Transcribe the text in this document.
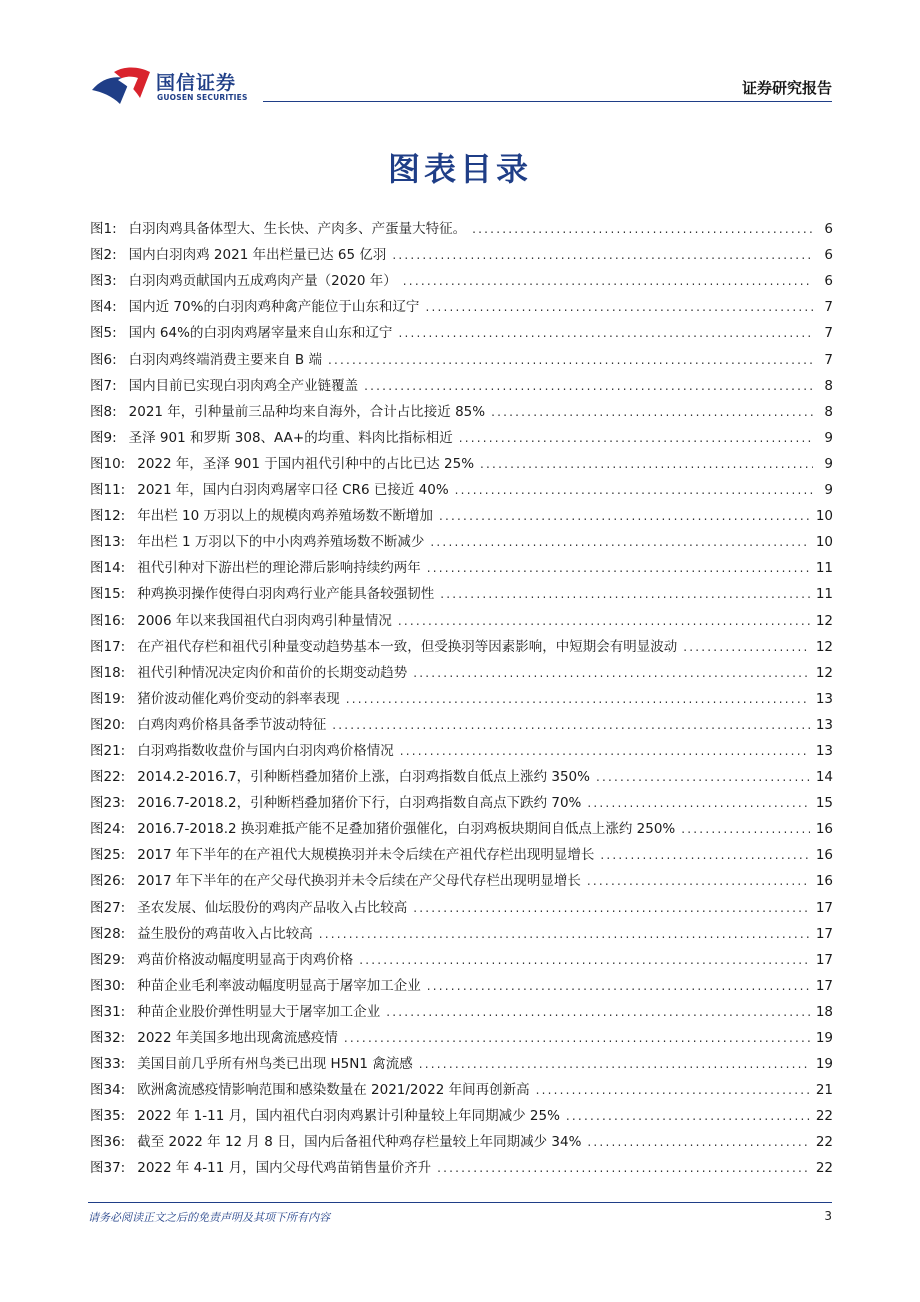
国信证券
GUOSEN SECURITIES
证券研究报告
图表目录
图1: 白羽肉鸡具备体型大、生长快、产肉多、产蛋量大特征。 .....	6
图2: 国内白羽肉鸡 2021 年出栏量已达 65 亿羽 .....	6
图3: 白羽肉鸡贡献国内五成鸡肉产量（2020 年） .....	6
图4: 国内近 70%的白羽肉鸡种禽产能位于山东和辽宁 .....	7
图5: 国内 64%的白羽肉鸡屠宰量来自山东和辽宁 .....	7
图6: 白羽肉鸡终端消费主要来自 B 端 .....	7
图7: 国内目前已实现白羽肉鸡全产业链覆盖 .....	8
图8: 2021 年，引种量前三品种均来自海外，合计占比接近 85% .....	8
图9: 圣泽 901 和罗斯 308、AA+的均重、料肉比指标相近 .....	9
图10: 2022 年，圣泽 901 于国内祖代引种中的占比已达 25% .....	9
图11: 2021 年，国内白羽肉鸡屠宰口径 CR6 已接近 40% .....	9
图12: 年出栏 10 万羽以上的规模肉鸡养殖场数不断增加 .....	10
图13: 年出栏 1 万羽以下的中小肉鸡养殖场数不断减少 .....	10
图14: 祖代引种对下游出栏的理论滞后影响持续约两年 .....	11
图15: 种鸡换羽操作使得白羽肉鸡行业产能具备较强韧性 .....	11
图16: 2006 年以来我国祖代白羽肉鸡引种量情况 .....	12
图17: 在产祖代存栏和祖代引种量变动趋势基本一致，但受换羽等因素影响，中短期会有明显波动 .....	12
图18: 祖代引种情况决定肉价和苗价的长期变动趋势 .....	12
图19: 猪价波动催化鸡价变动的斜率表现 .....	13
图20: 白鸡肉鸡价格具备季节波动特征 .....	13
图21: 白羽鸡指数收盘价与国内白羽肉鸡价格情况 .....	13
图22: 2014.2-2016.7，引种断档叠加猪价上涨，白羽鸡指数自低点上涨约 350% .....	14
图23: 2016.7-2018.2，引种断档叠加猪价下行，白羽鸡指数自高点下跌约 70% .....	15
图24: 2016.7-2018.2 换羽难抵产能不足叠加猪价强催化，白羽鸡板块期间自低点上涨约 250% .....	16
图25: 2017 年下半年的在产祖代大规模换羽并未令后续在产祖代存栏出现明显增长 .....	16
图26: 2017 年下半年的在产父母代换羽并未令后续在产父母代存栏出现明显增长 .....	16
图27: 圣农发展、仙坛股份的鸡肉产品收入占比较高 .....	17
图28: 益生股份的鸡苗收入占比较高 .....	17
图29: 鸡苗价格波动幅度明显高于肉鸡价格 .....	17
图30: 种苗企业毛利率波动幅度明显高于屠宰加工企业 .....	17
图31: 种苗企业股价弹性明显大于屠宰加工企业 .....	18
图32: 2022 年美国多地出现禽流感疫情 .....	19
图33: 美国目前几乎所有州鸟类已出现 H5N1 禽流感 .....	19
图34: 欧洲禽流感疫情影响范围和感染数量在 2021/2022 年间再创新高 .....	21
图35: 2022 年 1-11 月，国内祖代白羽肉鸡累计引种量较上年同期减少 25% .....	22
图36: 截至 2022 年 12 月 8 日，国内后备祖代种鸡存栏量较上年同期减少 34% .....	22
图37: 2022 年 4-11 月，国内父母代鸡苗销售量价齐升 .....	22
请务必阅读正文之后的免责声明及其项下所有内容	3
